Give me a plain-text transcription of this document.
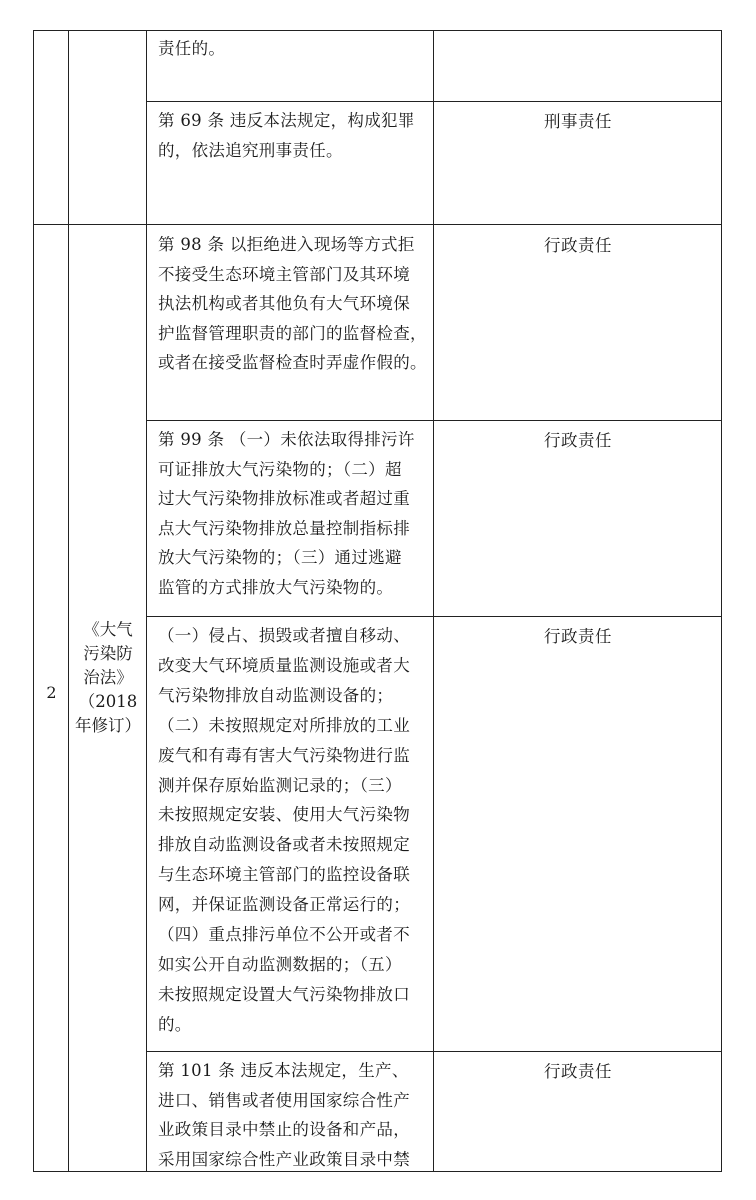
责任的。
第 69 条 违反本法规定，构成犯罪
的，依法追究刑事责任。
刑事责任
2
《大气
污染防
治法》
（2018
年修订）
第 98 条 以拒绝进入现场等方式拒
不接受生态环境主管部门及其环境
执法机构或者其他负有大气环境保
护监督管理职责的部门的监督检查，
或者在接受监督检查时弄虚作假的。
行政责任
第 99 条 （一）未依法取得排污许
可证排放大气污染物的；（二）超
过大气污染物排放标准或者超过重
点大气污染物排放总量控制指标排
放大气污染物的；（三）通过逃避
监管的方式排放大气污染物的。
行政责任
（一）侵占、损毁或者擅自移动、
改变大气环境质量监测设施或者大
气污染物排放自动监测设备的；
（二）未按照规定对所排放的工业
废气和有毒有害大气污染物进行监
测并保存原始监测记录的；（三）
未按照规定安装、使用大气污染物
排放自动监测设备或者未按照规定
与生态环境主管部门的监控设备联
网，并保证监测设备正常运行的；
（四）重点排污单位不公开或者不
如实公开自动监测数据的；（五）
未按照规定设置大气污染物排放口
的。
行政责任
第 101 条 违反本法规定，生产、
进口、销售或者使用国家综合性产
业政策目录中禁止的设备和产品，
采用国家综合性产业政策目录中禁
行政责任
